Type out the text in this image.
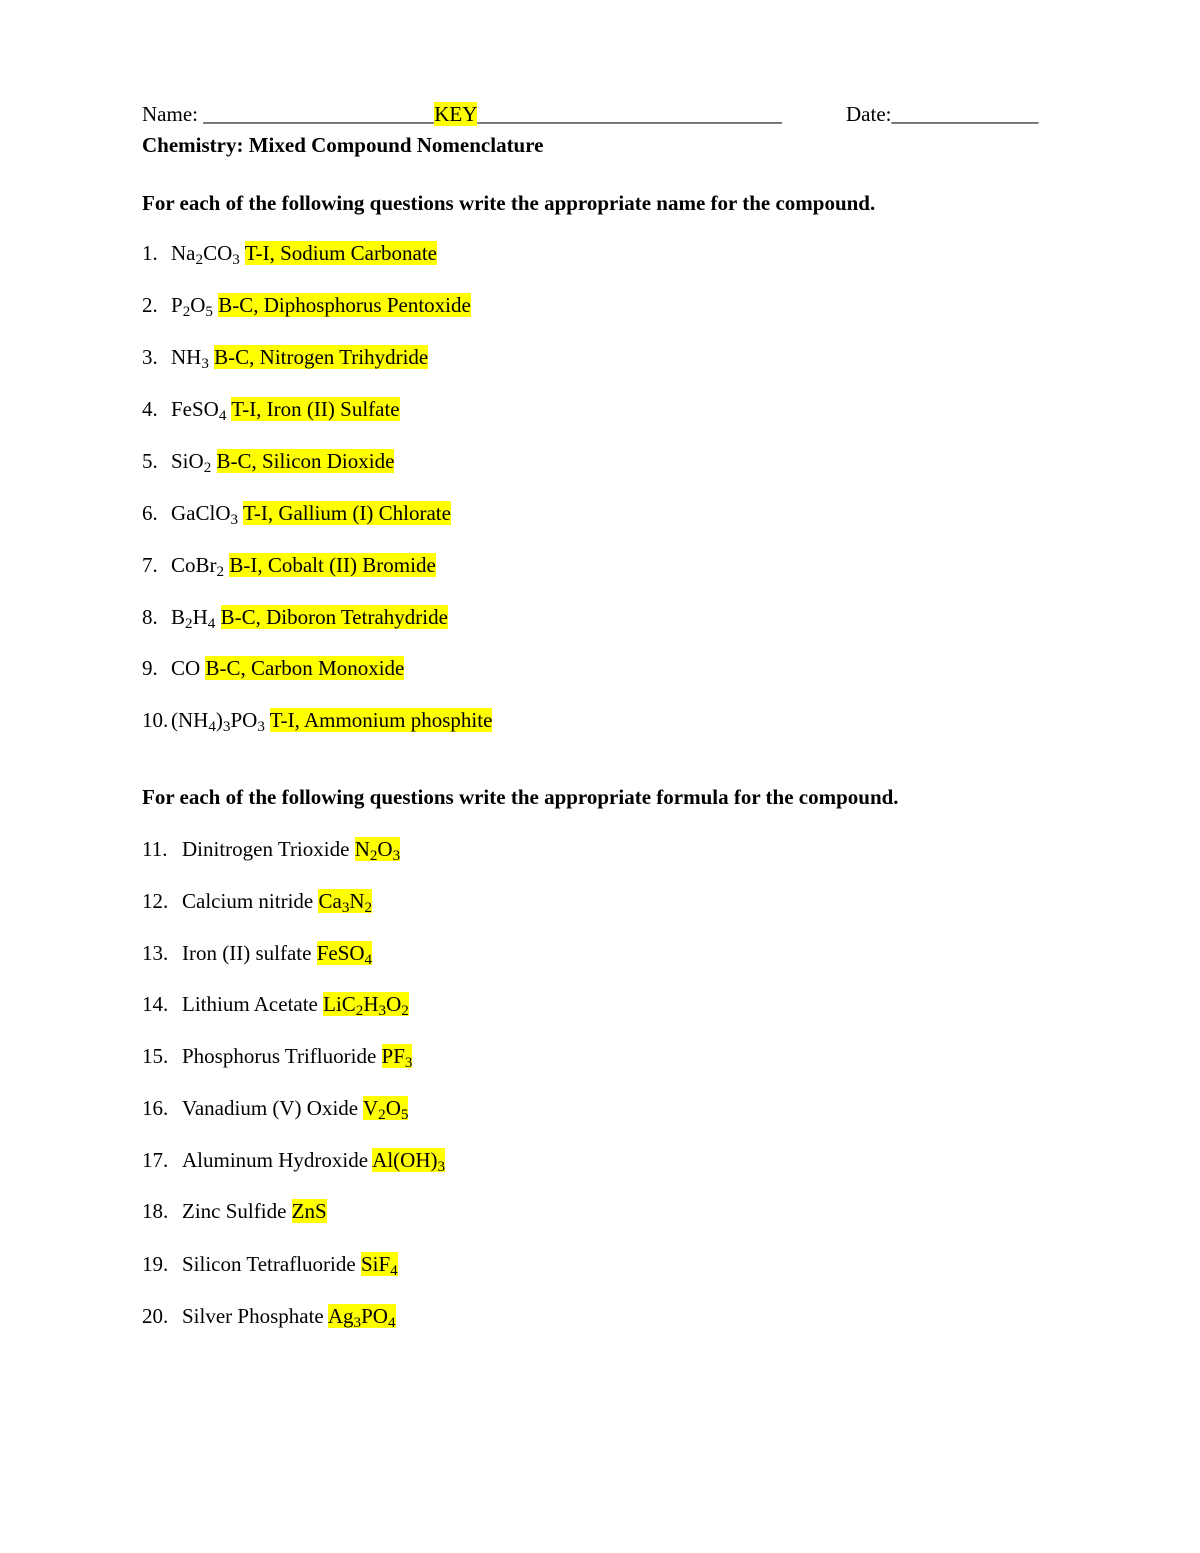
Name: ______________________KEY_____________________________	Date:______________
Chemistry: Mixed Compound Nomenclature
For each of the following questions write the appropriate name for the compound.
For each of the following questions write the appropriate formula for the compound.
1. $Na_2CO_3$ T-I, Sodium Carbonate
2. $P_2O_5$ B-C, Diphosphorus Pentoxide
3. $NH_3$ B-C, Nitrogen Trihydride
4. FeSO$_4$ T-I, Iron (II) Sulfate
5. SiO$_2$ B-C, Silicon Dioxide
6. GaClO$_3$ T-I, Gallium (I) Chlorate
7. CoBr$_2$ B-I, Cobalt (II) Bromide
8. $B_2H_4$ B-C, Diboron Tetrahydride
9. CO B-C, Carbon Monoxide
10. $(NH_4)_3PO_3$ T-I, Ammonium phosphite
11. Dinitrogen Trioxide $N_2O_3$
12. Calcium nitride $Ca_3N_2$
13. Iron (II) sulfate FeSO$_4$
14. Lithium Acetate $LiC_2H_3O_2$
15. Phosphorus Trifluoride $PF_3$
16. Vanadium (V) Oxide $V_2O_5$
17. Aluminum Hydroxide $Al(OH)_3$
18. Zinc Sulfide ZnS
19. Silicon Tetrafluoride SiF$_4$
20. Silver Phosphate $Ag_3PO_4$
